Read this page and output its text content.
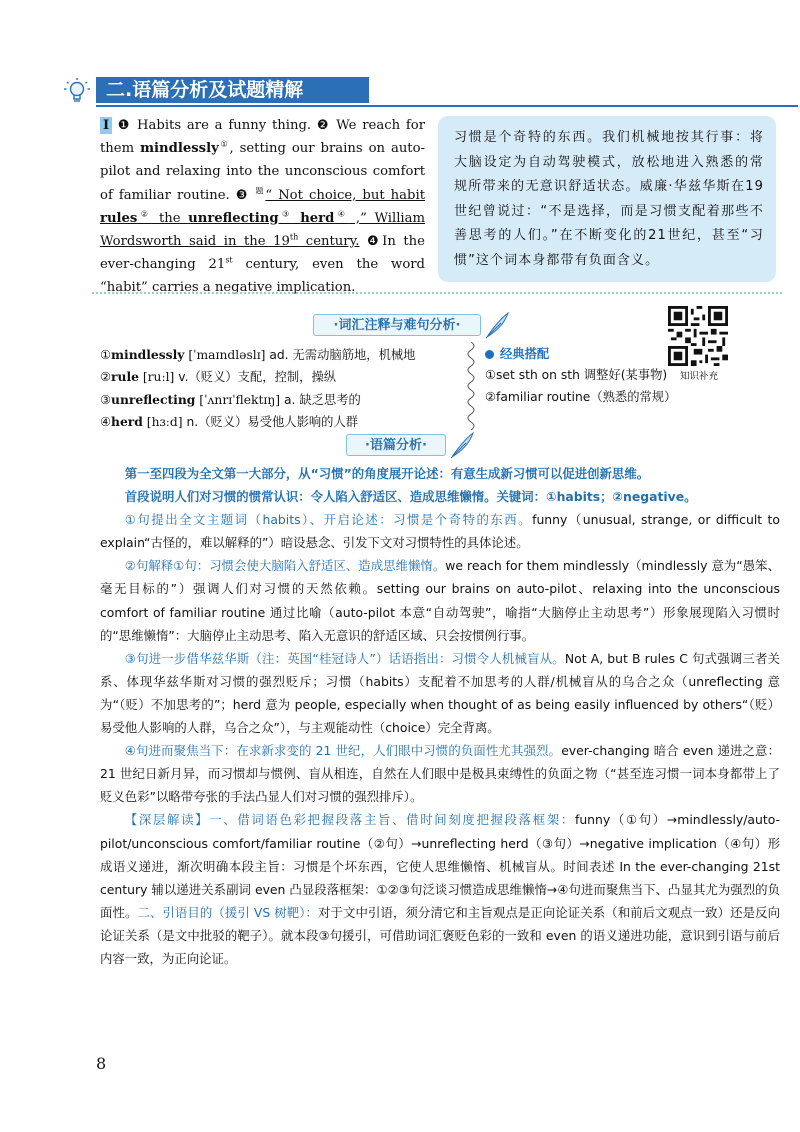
二.语篇分析及试题精解
I ❶ Habits are a funny thing. ❷ We reach for them mindlessly①, setting our brains on auto-pilot and relaxing into the unconscious comfort of familiar routine. ❸ $^题$“ Not choice, but habit rules② the unreflecting③ herd④ ,” William Wordsworth said in the 19th century. ❹In the ever-changing 21st century, even the word “habit” carries a negative implication.
习惯是个奇特的东西。我们机械地按其行事：将大脑设定为自动驾驶模式，放松地进入熟悉的常规所带来的无意识舒适状态。威廉·华兹华斯在19世纪曾说过：“不是选择，而是习惯支配着那些不善思考的人们。”在不断变化的21世纪，甚至“习惯”这个词本身都带有负面含义。
·词汇注释与难句分析·
知识补充
①mindlessly [ˈmaɪndləslɪ] ad. 无需动脑筋地，机械地
②rule [ruːl] v.（贬义）支配，控制，操纵
③unreflecting [ˈʌnrɪˈflektɪŋ] a. 缺乏思考的
④herd [hɜːd] n.（贬义）易受他人影响的人群
经典搭配
①set sth on sth 调整好(某事物)
②familiar routine（熟悉的常规）
·语篇分析·

第一至四段为全文第一大部分，从“习惯”的角度展开论述：有意生成新习惯可以促进创新思维。

首段说明人们对习惯的惯常认识：令人陷入舒适区、造成思维懒惰。关键词：①habits；②negative。

①句提出全文主题词（habits）、开启论述：习惯是个奇特的东西。funny（unusual, strange, or difficult to explain“古怪的，难以解释的”）暗设悬念、引发下文对习惯特性的具体论述。

②句解释①句：习惯会使大脑陷入舒适区、造成思维懒惰。we reach for them mindlessly（mindlessly 意为“愚笨、毫无目标的”）强调人们对习惯的天然依赖。setting our brains on auto-pilot、relaxing into the unconscious comfort of familiar routine 通过比喻（auto-pilot 本意“自动驾驶”，喻指“大脑停止主动思考”）形象展现陷入习惯时的“思维懒惰”：大脑停止主动思考、陷入无意识的舒适区域、只会按惯例行事。

③句进一步借华兹华斯（注：英国“桂冠诗人”）话语指出：习惯令人机械盲从。Not A, but B rules C 句式强调三者关系、体现华兹华斯对习惯的强烈贬斥；习惯（habits）支配着不加思考的人群/机械盲从的乌合之众（unreflecting 意为“（贬）不加思考的”；herd 意为 people, especially when thought of as being easily influenced by others“（贬）易受他人影响的人群，乌合之众”），与主观能动性（choice）完全背离。

④句进而聚焦当下：在求新求变的 21 世纪，人们眼中习惯的负面性尤其强烈。ever-changing 暗合 even 递进之意：21 世纪日新月异，而习惯却与惯例、盲从相连，自然在人们眼中是极具束缚性的负面之物（“甚至连习惯一词本身都带上了贬义色彩”以略带夸张的手法凸显人们对习惯的强烈排斥）。

【深层解读】一、借词语色彩把握段落主旨、借时间刻度把握段落框架：funny（①句）→mindlessly/auto-pilot/unconscious comfort/familiar routine（②句）→unreflecting herd（③句）→negative implication（④句）形成语义递进，渐次明确本段主旨：习惯是个坏东西，它使人思维懒惰、机械盲从。时间表述 In the ever-changing 21st century 辅以递进关系副词 even 凸显段落框架：①②③句泛谈习惯造成思维懒惰→④句进而聚焦当下、凸显其尤为强烈的负面性。二、引语目的（援引 VS 树靶）：对于文中引语，须分清它和主旨观点是正向论证关系（和前后文观点一致）还是反向论证关系（是文中批驳的靶子）。就本段③句援引，可借助词汇褒贬色彩的一致和 even 的语义递进功能，意识到引语与前后内容一致，为正向论证。

8
